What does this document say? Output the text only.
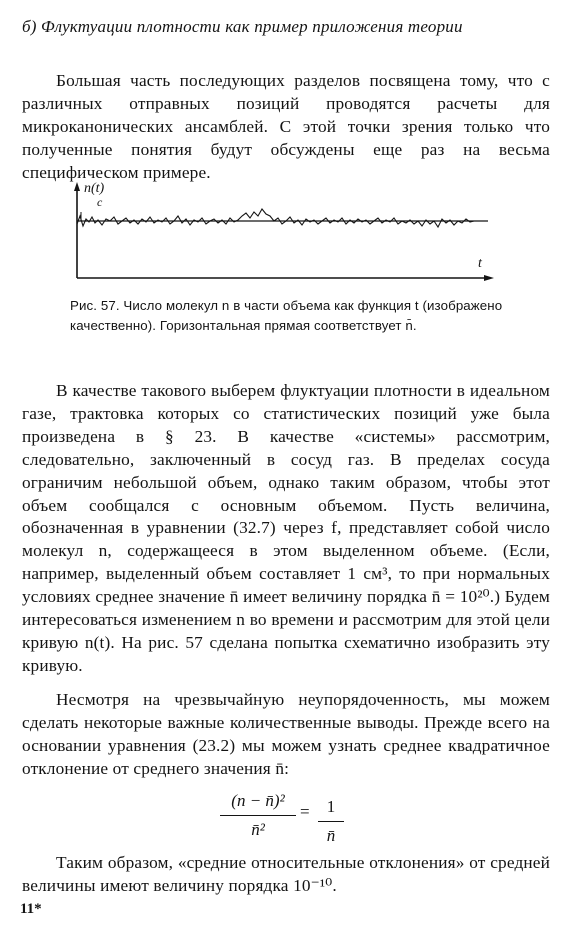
б) Флуктуации плотности как пример приложения теории
Большая часть последующих разделов посвящена тому, что с различных отправных позиций проводятся расчеты для микроканонических ансамблей. С этой точки зрения только что полученные понятия будут обсуждены еще раз на весьма специфическом примере.
n(t)
c
t
Рис. 57. Число молекул n в части объема как функция t (изображено качественно). Горизонтальная прямая соответствует n̄.
В качестве такового выберем флуктуации плотности в идеальном газе, трактовка которых со статистических позиций уже была произведена в § 23. В качестве «системы» рассмотрим, следовательно, заключенный в сосуд газ. В пределах сосуда ограничим небольшой объем, однако таким образом, чтобы этот объем сообщался с основным объемом. Пусть величина, обозначенная в уравнении (32.7) через f, представляет собой число молекул n, содержащееся в этом выделенном объеме. (Если, например, выделенный объем составляет 1 см³, то при нормальных условиях среднее значение n̄ имеет величину порядка n̄ = 10²⁰.) Будем интересоваться изменением n во времени и рассмотрим для этой цели кривую n(t). На рис. 57 сделана попытка схематично изобразить эту кривую.
Несмотря на чрезвычайную неупорядоченность, мы можем сделать некоторые важные количественные выводы. Прежде всего на основании уравнения (23.2) мы можем узнать среднее квадратичное отклонение от среднего значения n̄:
(n − n̄)²
n̄²
=	1
n̄
Таким образом, «средние относительные отклонения» от средней величины имеют величину порядка 10⁻¹⁰.
11*
